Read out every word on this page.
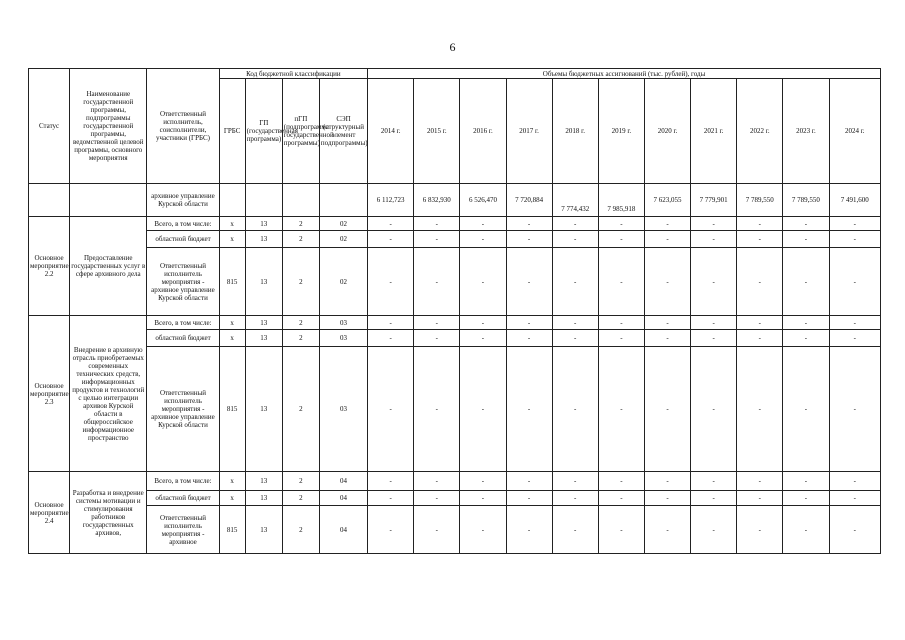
6
Статус	Наименование государственной программы, подпрограммы государственной программы, ведомственной целевой программы, основного мероприятия	Ответственный исполнитель, соисполнители, участники (ГРБС)	Код бюджетной классификации				Объемы бюджетных ассигнований (тыс. рублей), годы										
			ГРБС	ГП (государственная программа)	пГП (подпрограмма государственной программы)	СЭП (структурный элемент подпрограммы)	2014 г.	2015 г.	2016 г.	2017 г.	2018 г.	2019 г.	2020 г.	2021 г.	2022 г.	2023 г.	2024 г.
		архивное управление Курской области					6 112,723	6 832,930	6 526,470	7 720,884	7 774,432	7 985,918	7 623,055	7 779,901	7 789,550	7 789,550	7 491,600
Основное мероприятие 2.2	Предоставление государственных услуг в сфере архивного дела	Всего, в том числе:	х	13	2	02	-	-	-	-	-	-	-	-	-	-	-
		областной бюджет	х	13	2	02	-	-	-	-	-	-	-	-	-	-	-
		Ответственный исполнитель мероприятия - архивное управление Курской области	815	13	2	02	-	-	-	-	-	-	-	-	-	-	-
Основное мероприятие 2.3	Внедрение в архивную отрасль приобретаемых современных технических средств, информационных продуктов и технологий с целью интеграции архивов Курской области в общероссийское информационное пространство	Всего, в том числе:	х	13	2	03	-	-	-	-	-	-	-	-	-	-	-
		областной бюджет	х	13	2	03	-	-	-	-	-	-	-	-	-	-	-
		Ответственный исполнитель мероприятия - архивное управление Курской области	815	13	2	03	-	-	-	-	-	-	-	-	-	-	-
Основное мероприятие 2.4	Разработка и внедрение системы мотивации и стимулирования работников государственных архивов,	Всего, в том числе:	х	13	2	04	-	-	-	-	-	-	-	-	-	-	-
		областной бюджет	х	13	2	04	-	-	-	-	-	-	-	-	-	-	-
		Ответственный исполнитель мероприятия - архивное	815	13	2	04	-	-	-	-	-	-	-	-	-	-	-
